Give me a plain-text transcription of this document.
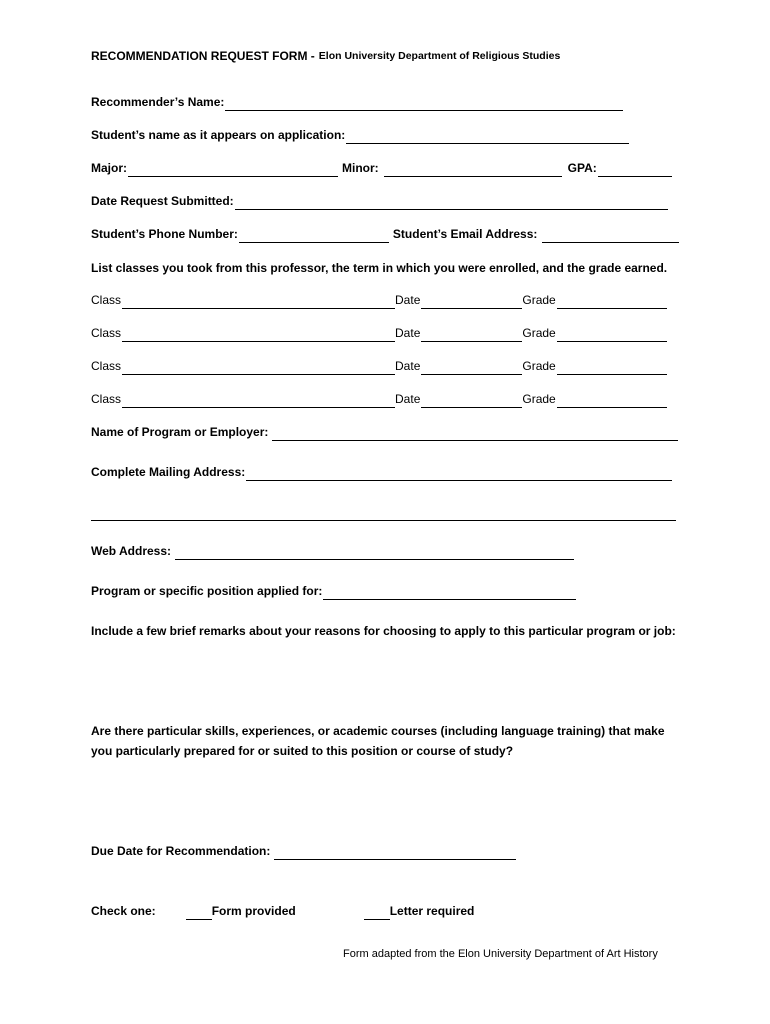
RECOMMENDATION REQUEST FORM - Elon University Department of Religious Studies
Recommender’s Name:
Student’s name as it appears on application:
Major:	Minor:	GPA:
Date Request Submitted:
Student’s Phone Number:	Student’s Email Address:
List classes you took from this professor, the term in which you were enrolled, and the grade earned.
Class	Date	Grade
Class	Date	Grade
Class	Date	Grade
Class	Date	Grade
Name of Program or Employer:
Complete Mailing Address:
Web Address:
Program or specific position applied for:
Include a few brief remarks about your reasons for choosing to apply to this particular program or job:
Are there particular skills, experiences, or academic courses (including language training) that make
you particularly prepared for or suited to this position or course of study?
Due Date for Recommendation:
Check one:	Form provided	Letter required
Form adapted from the Elon University Department of Art History
